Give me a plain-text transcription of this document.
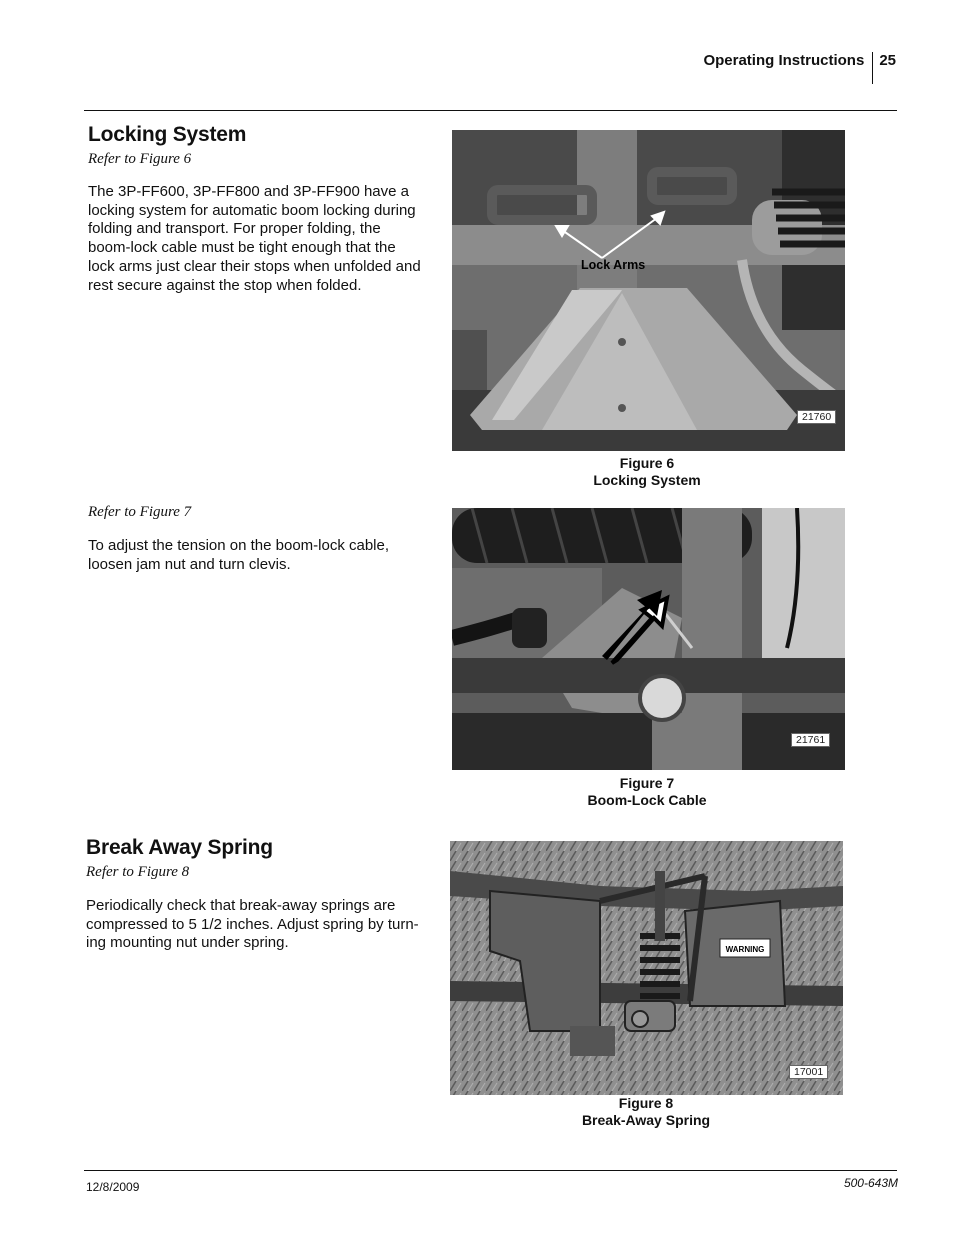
Operating Instructions	25
Locking System

Refer to Figure 6

The 3P-FF600, 3P-FF800 and 3P-FF900 have a
locking system for automatic boom locking during
folding and transport. For proper folding, the
boom-lock cable must be tight enough that the
lock arms just clear their stops when unfolded and
rest secure against the stop when folded.

Lock Arms
21760
Figure 6
Locking System

Refer to Figure 7

To adjust the tension on the boom-lock cable,
loosen jam nut and turn clevis.

21761
Figure 7
Boom-Lock Cable
Break Away Spring

Refer to Figure 8

Periodically check that break-away springs are
compressed to 5 1/2 inches. Adjust spring by turn-
ing mounting nut under spring.	WARNING
17001
Figure 8
Break-Away Spring
12/8/2009	500-643M
